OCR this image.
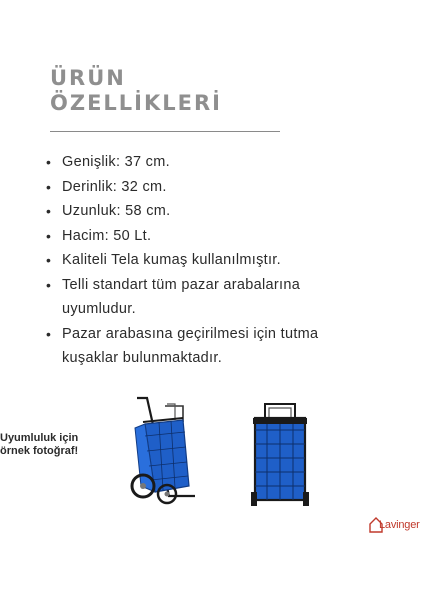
ÜRÜN
ÖZELLİKLERİ
• Genişlik: 37 cm.
• Derinlik: 32 cm.
• Uzunluk: 58 cm.
• Hacim: 50 Lt.
• Kaliteli Tela kumaş kullanılmıştır.
• Telli standart tüm pazar arabalarına uyumludur.
• Pazar arabasına geçirilmesi için tutma kuşaklar bulunmaktadır.
Uyumluluk için
örnek fotoğraf!
Lavinger
